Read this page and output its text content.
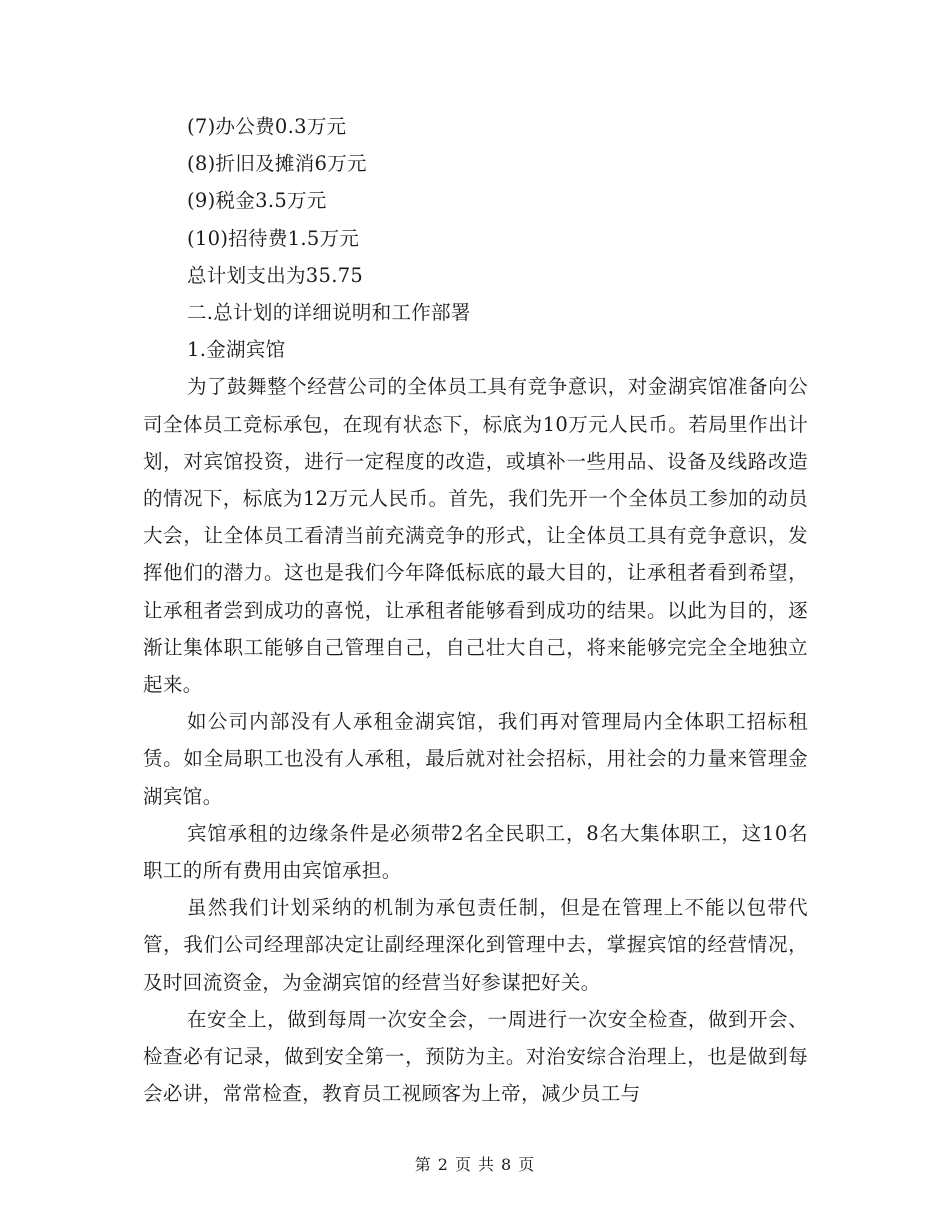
(7)办公费0.3万元
(8)折旧及摊消6万元
(9)税金3.5万元
(10)招待费1.5万元
总计划支出为35.75
二.总计划的详细说明和工作部署
1.金湖宾馆

为了鼓舞整个经营公司的全体员工具有竞争意识，对金湖宾馆准备向公司全体员工竞标承包，在现有状态下，标底为10万元人民币。若局里作出计划，对宾馆投资，进行一定程度的改造，或填补一些用品、设备及线路改造的情况下，标底为12万元人民币。首先，我们先开一个全体员工参加的动员大会，让全体员工看清当前充满竞争的形式，让全体员工具有竞争意识，发挥他们的潜力。这也是我们今年降低标底的最大目的，让承租者看到希望，让承租者尝到成功的喜悦，让承租者能够看到成功的结果。以此为目的，逐渐让集体职工能够自己管理自己，自己壮大自己，将来能够完完全全地独立起来。

如公司内部没有人承租金湖宾馆，我们再对管理局内全体职工招标租赁。如全局职工也没有人承租，最后就对社会招标，用社会的力量来管理金湖宾馆。

宾馆承租的边缘条件是必须带2名全民职工，8名大集体职工，这10名职工的所有费用由宾馆承担。

虽然我们计划采纳的机制为承包责任制，但是在管理上不能以包带代管，我们公司经理部决定让副经理深化到管理中去，掌握宾馆的经营情况，及时回流资金，为金湖宾馆的经营当好参谋把好关。

在安全上，做到每周一次安全会，一周进行一次安全检查，做到开会、检查必有记录，做到安全第一，预防为主。对治安综合治理上，也是做到每会必讲，常常检查，教育员工视顾客为上帝，减少员工与

第 2 页 共 8 页
